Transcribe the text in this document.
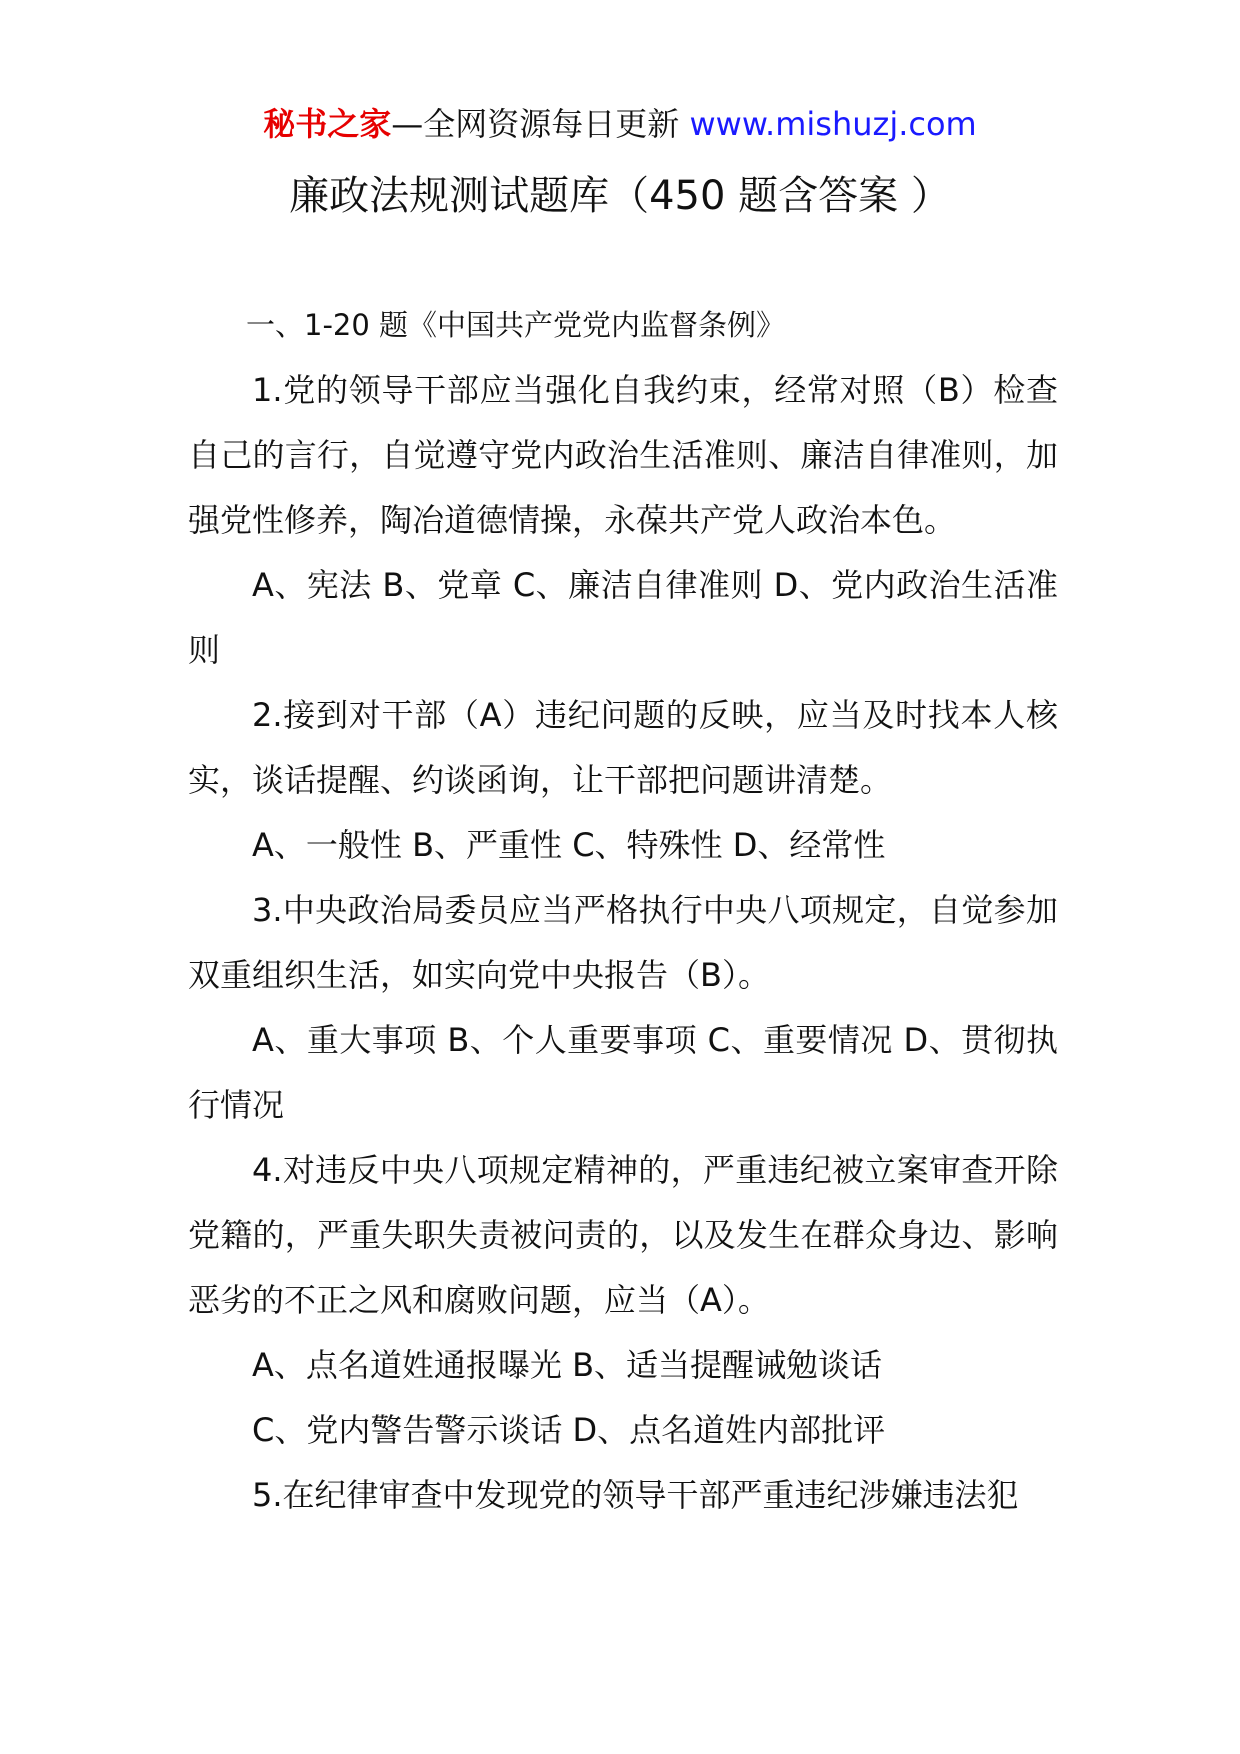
秘书之家—全网资源每日更新 www.mishuzj.com
廉政法规测试题库（450 题含答案 ）

一、1-20 题《中国共产党党内监督条例》

1.党的领导干部应当强化自我约束，经常对照（B）检查自己的言行，自觉遵守党内政治生活准则、廉洁自律准则，加强党性修养，陶冶道德情操，永葆共产党人政治本色。

A、宪法 B、党章 C、廉洁自律准则 D、党内政治生活准则

2.接到对干部（A）违纪问题的反映，应当及时找本人核实，谈话提醒、约谈函询，让干部把问题讲清楚。

A、一般性 B、严重性 C、特殊性 D、经常性

3.中央政治局委员应当严格执行中央八项规定，自觉参加双重组织生活，如实向党中央报告（B）。

A、重大事项 B、个人重要事项 C、重要情况 D、贯彻执行情况

4.对违反中央八项规定精神的，严重违纪被立案审查开除党籍的，严重失职失责被问责的，以及发生在群众身边、影响恶劣的不正之风和腐败问题，应当（A）。

A、点名道姓通报曝光 B、适当提醒诫勉谈话

C、党内警告警示谈话 D、点名道姓内部批评

5.在纪律审查中发现党的领导干部严重违纪涉嫌违法犯
